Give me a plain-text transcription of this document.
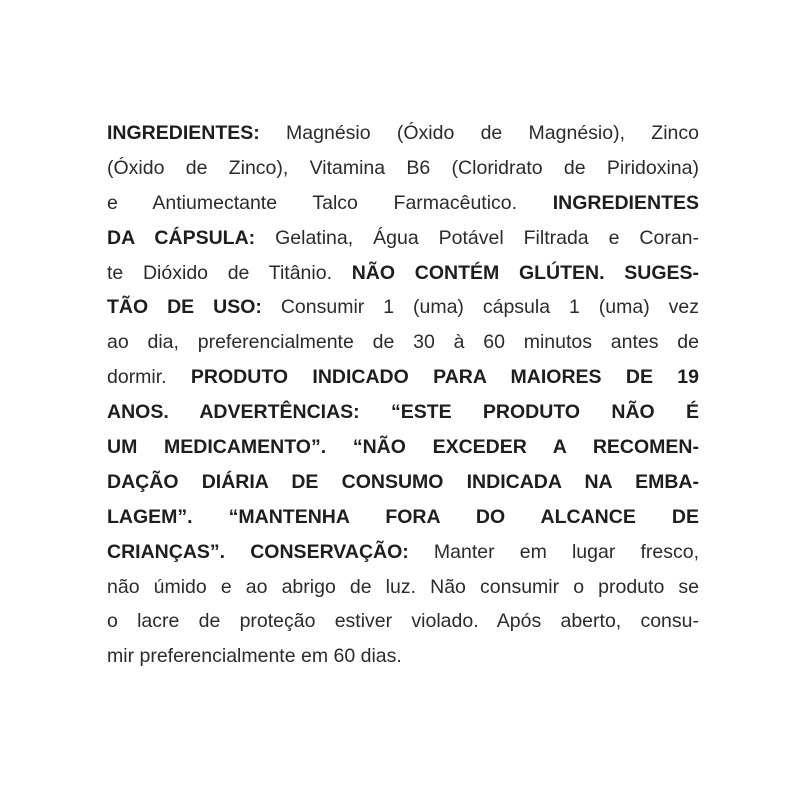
INGREDIENTES: Magnésio (Óxido de Magnésio), Zinco
(Óxido de Zinco), Vitamina B6 (Cloridrato de Piridoxina)
e Antiumectante Talco Farmacêutico. INGREDIENTES
DA CÁPSULA: Gelatina, Água Potável Filtrada e Coran-
te Dióxido de Titânio. NÃO CONTÉM GLÚTEN. SUGES-
TÃO DE USO: Consumir 1 (uma) cápsula 1 (uma) vez
ao dia, preferencialmente de 30 à 60 minutos antes de
dormir. PRODUTO INDICADO PARA MAIORES DE 19
ANOS. ADVERTÊNCIAS: “ESTE PRODUTO NÃO É
UM MEDICAMENTO”. “NÃO EXCEDER A RECOMEN-
DAÇÃO DIÁRIA DE CONSUMO INDICADA NA EMBA-
LAGEM”. “MANTENHA FORA DO ALCANCE DE
CRIANÇAS”. CONSERVAÇÃO: Manter em lugar fresco,
não úmido e ao abrigo de luz. Não consumir o produto se
o lacre de proteção estiver violado. Após aberto, consu-
mir preferencialmente em 60 dias.
